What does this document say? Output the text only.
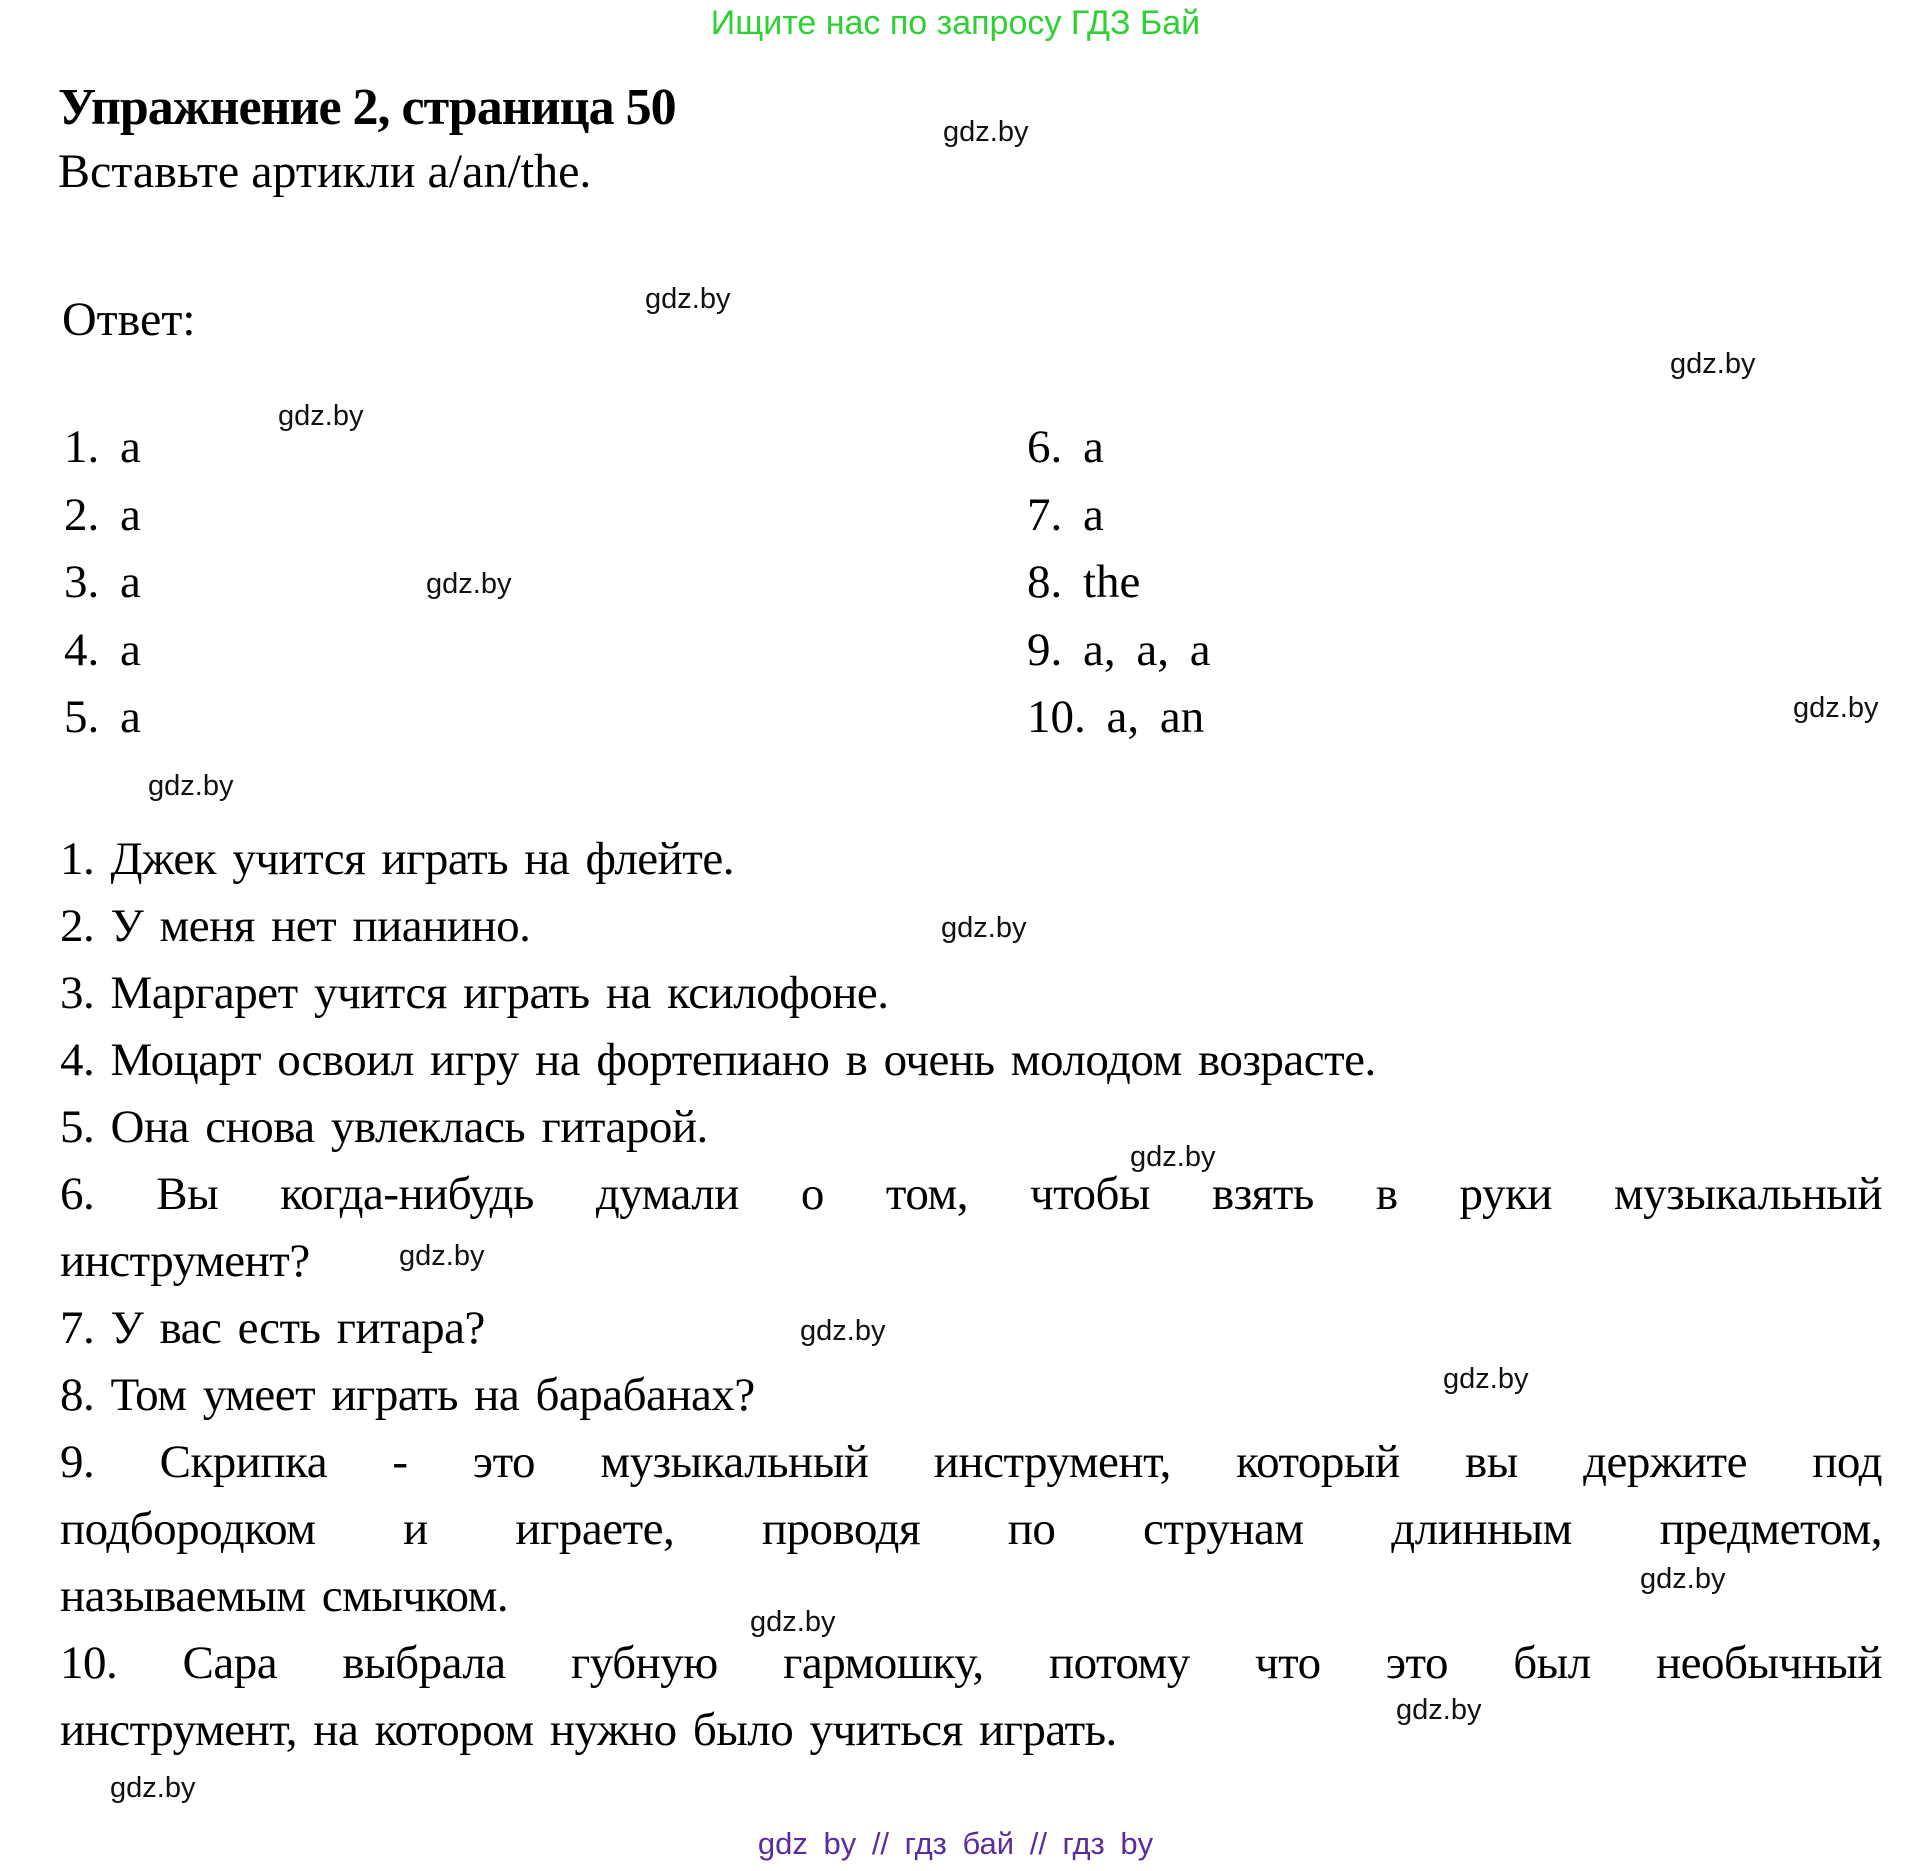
Ищите нас по запросу ГДЗ Бай
Упражнение 2, страница 50
Вставьте артикли a/an/the.
Ответ:
1. a
2. a
3. a
4. a
5. a
6. a
7. a
8. the
9. a, a, a
10. a, an
1. Джек учится играть на флейте.
2. У меня нет пианино.
3. Маргарет учится играть на ксилофоне.
4. Моцарт освоил игру на фортепиано в очень молодом возрасте.
5. Она снова увлеклась гитарой.
6. Вы когда-нибудь думали о том, чтобы взять в руки музыкальный
инструмент?
7. У вас есть гитара?
8. Том умеет играть на барабанах?
9. Скрипка - это музыкальный инструмент, который вы держите под
подбородком и играете, проводя по струнам длинным предметом,
называемым смычком.
10. Сара выбрала губную гармошку, потому что это был необычный
инструмент, на котором нужно было учиться играть.
gdz.by
gdz.by
gdz.by
gdz.by
gdz.by
gdz.by
gdz.by
gdz.by
gdz.by
gdz.by
gdz.by
gdz.by
gdz.by
gdz.by
gdz.by
gdz.by
gdz by // гдз бай // гдз by
